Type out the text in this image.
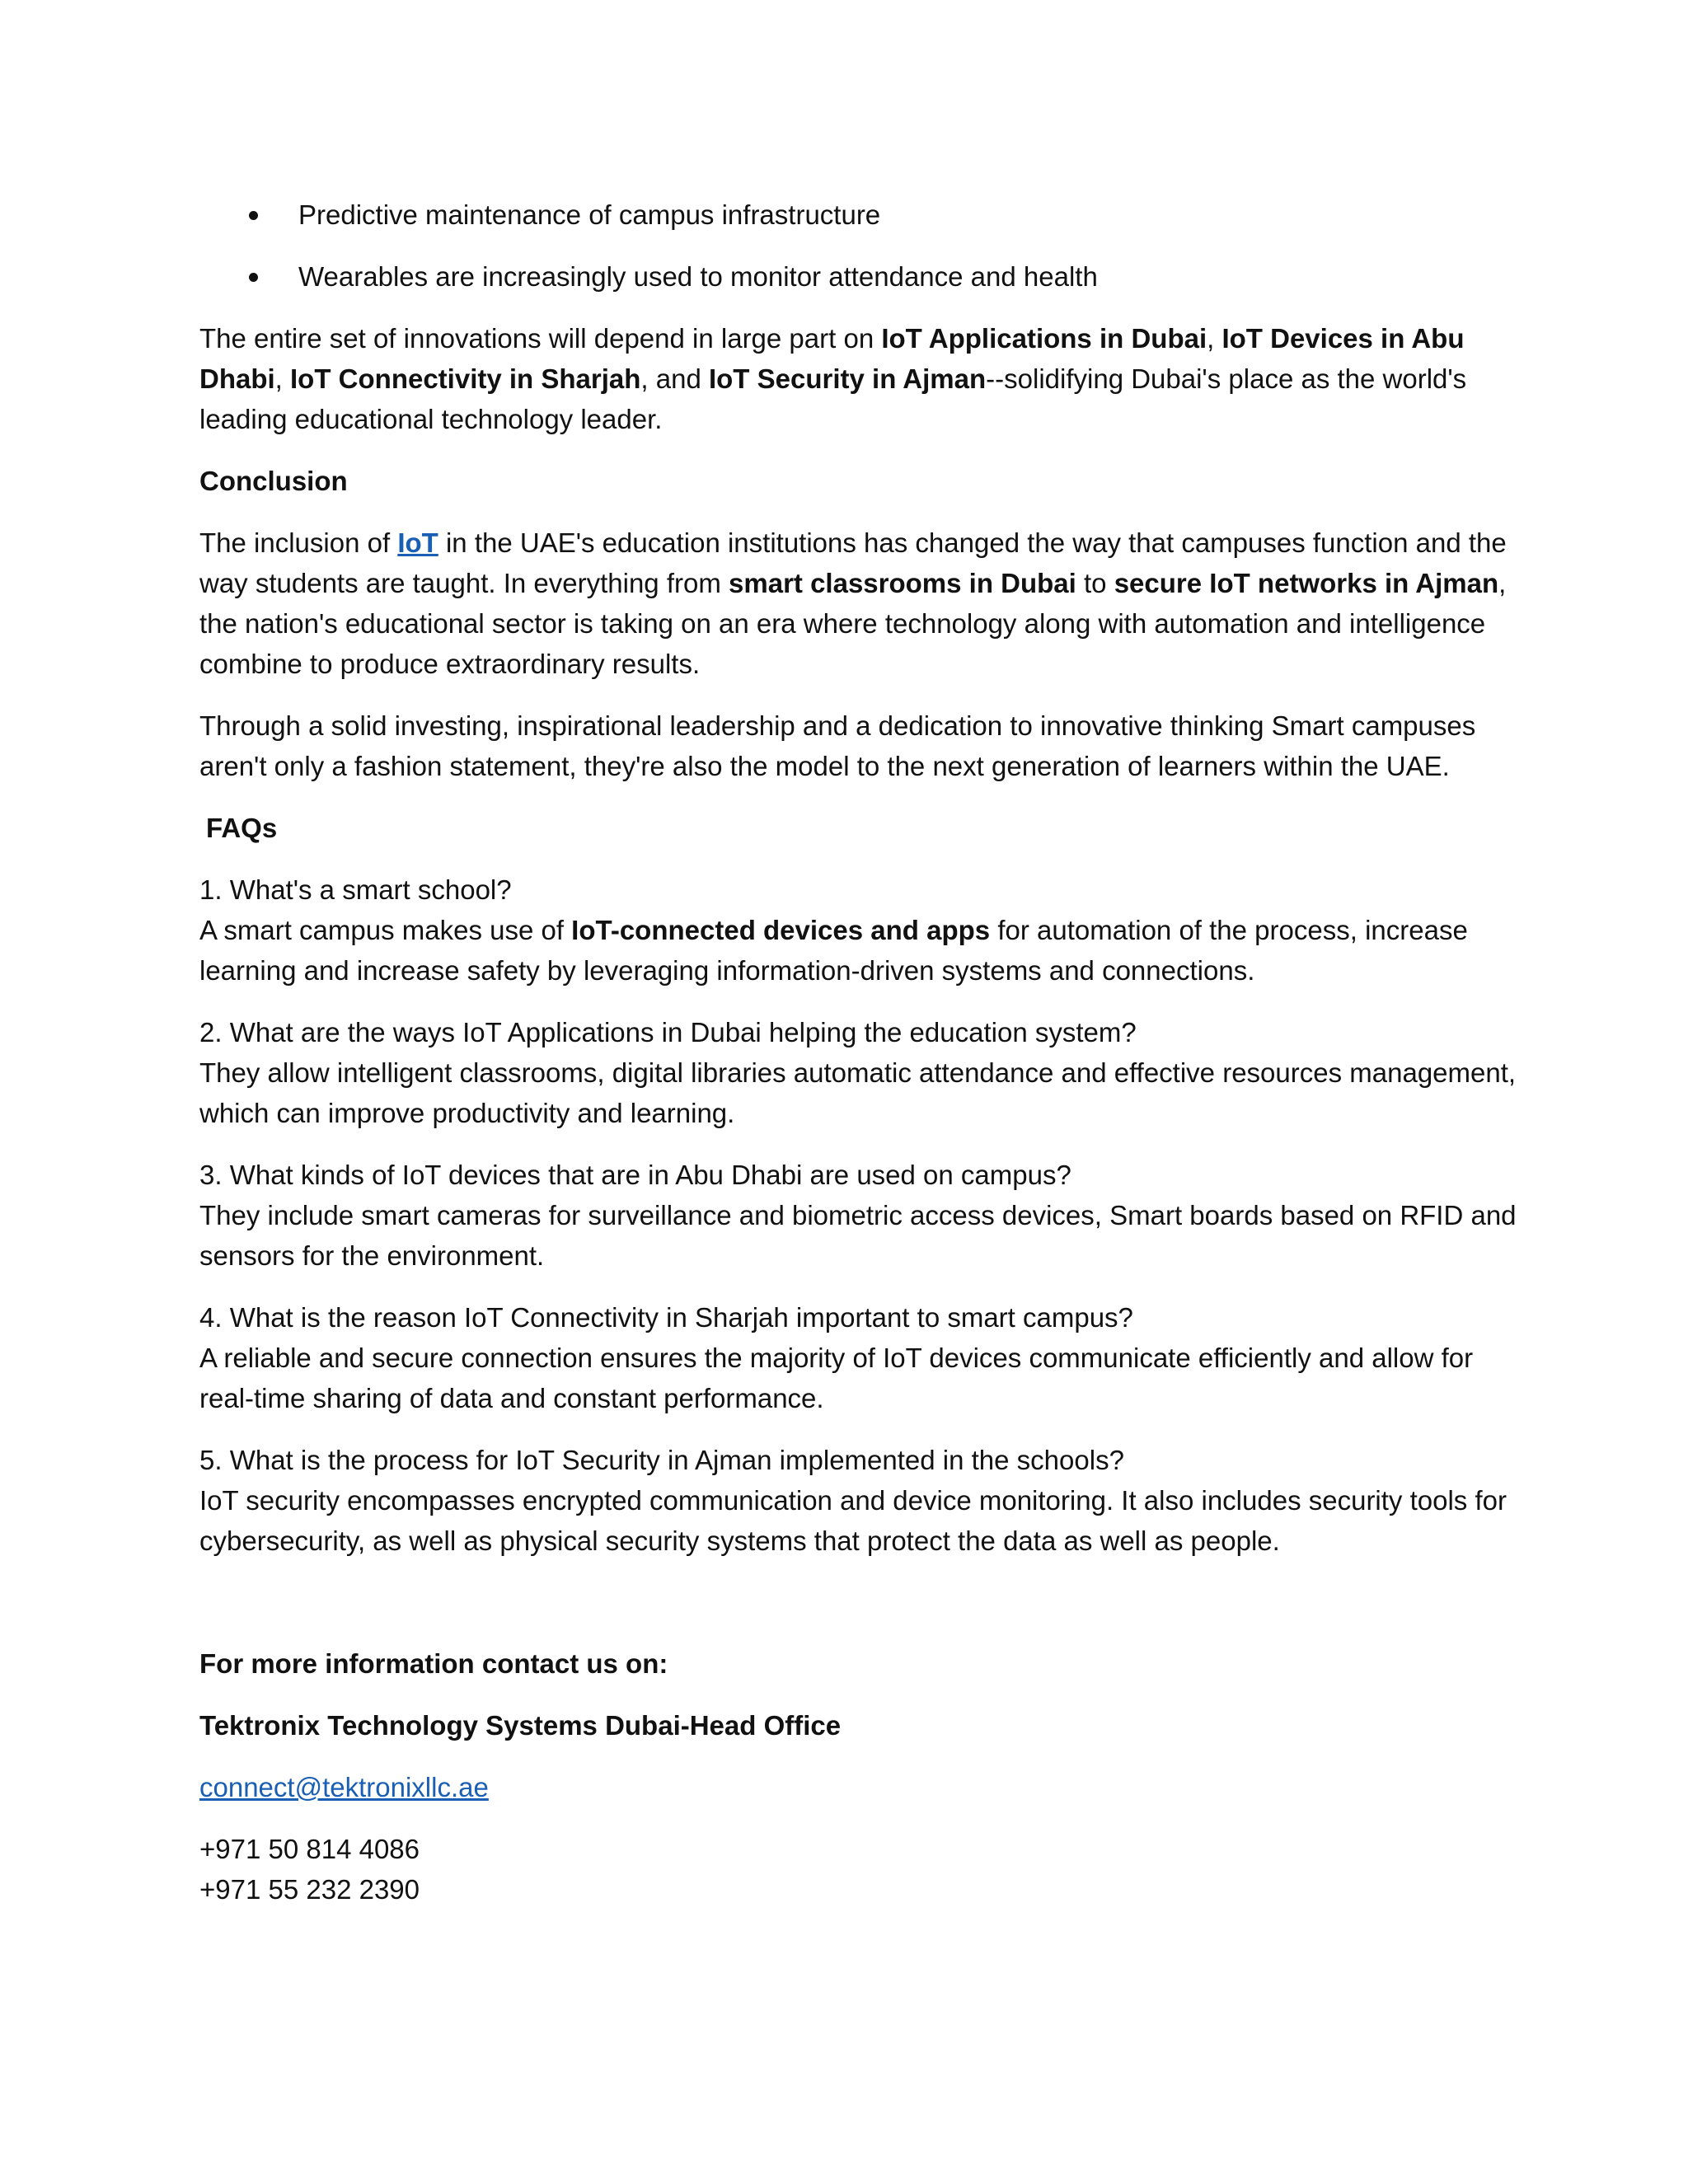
Predictive maintenance of campus infrastructure
Wearables are increasingly used to monitor attendance and health

The entire set of innovations will depend in large part on IoT Applications in Dubai, IoT Devices in Abu Dhabi, IoT Connectivity in Sharjah, and IoT Security in Ajman--solidifying Dubai's place as the world's leading educational technology leader.

Conclusion

The inclusion of IoT in the UAE's education institutions has changed the way that campuses function and the way students are taught. In everything from smart classrooms in Dubai to secure IoT networks in Ajman, the nation's educational sector is taking on an era where technology along with automation and intelligence combine to produce extraordinary results.

Through a solid investing, inspirational leadership and a dedication to innovative thinking Smart campuses aren't only a fashion statement, they're also the model to the next generation of learners within the UAE.

FAQs

1. What's a smart school?
A smart campus makes use of IoT-connected devices and apps for automation of the process, increase learning and increase safety by leveraging information-driven systems and connections.

2. What are the ways IoT Applications in Dubai helping the education system?
They allow intelligent classrooms, digital libraries automatic attendance and effective resources management, which can improve productivity and learning.

3. What kinds of IoT devices that are in Abu Dhabi are used on campus?
They include smart cameras for surveillance and biometric access devices, Smart boards based on RFID and sensors for the environment.

4. What is the reason IoT Connectivity in Sharjah important to smart campus?
A reliable and secure connection ensures the majority of IoT devices communicate efficiently and allow for real-time sharing of data and constant performance.

5. What is the process for IoT Security in Ajman implemented in the schools?
IoT security encompasses encrypted communication and device monitoring. It also includes security tools for cybersecurity, as well as physical security systems that protect the data as well as people.

For more information contact us on:

Tektronix Technology Systems Dubai-Head Office

connect@tektronixllc.ae

+971 50 814 4086
+971 55 232 2390
